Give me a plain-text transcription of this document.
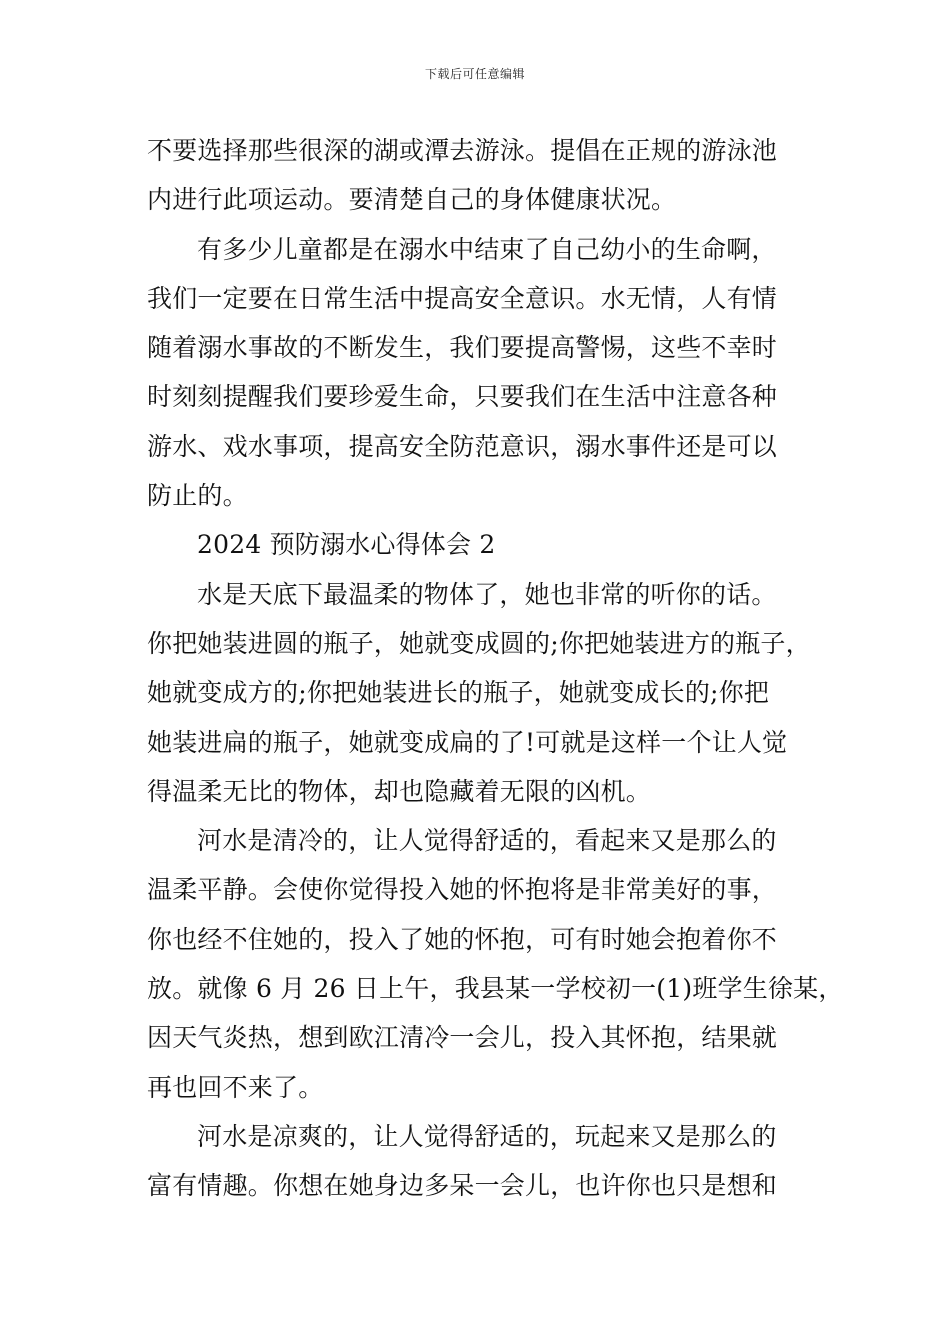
下载后可任意编辑
不要选择那些很深的湖或潭去游泳。提倡在正规的游泳池
内进行此项运动。要清楚自己的身体健康状况。
有多少儿童都是在溺水中结束了自己幼小的生命啊，
我们一定要在日常生活中提高安全意识。水无情，人有情
随着溺水事故的不断发生，我们要提高警惕，这些不幸时
时刻刻提醒我们要珍爱生命，只要我们在生活中注意各种
游水、戏水事项，提高安全防范意识，溺水事件还是可以
防止的。
2024 预防溺水心得体会 2
水是天底下最温柔的物体了，她也非常的听你的话。
你把她装进圆的瓶子，她就变成圆的;你把她装进方的瓶子，
她就变成方的;你把她装进长的瓶子，她就变成长的;你把
她装进扁的瓶子，她就变成扁的了!可就是这样一个让人觉
得温柔无比的物体，却也隐藏着无限的凶机。
河水是清冷的，让人觉得舒适的，看起来又是那么的
温柔平静。会使你觉得投入她的怀抱将是非常美好的事，
你也经不住她的，投入了她的怀抱，可有时她会抱着你不
放。就像 6 月 26 日上午，我县某一学校初一(1)班学生徐某，
因天气炎热，想到欧江清冷一会儿，投入其怀抱，结果就
再也回不来了。
河水是凉爽的，让人觉得舒适的，玩起来又是那么的
富有情趣。你想在她身边多呆一会儿，也许你也只是想和
